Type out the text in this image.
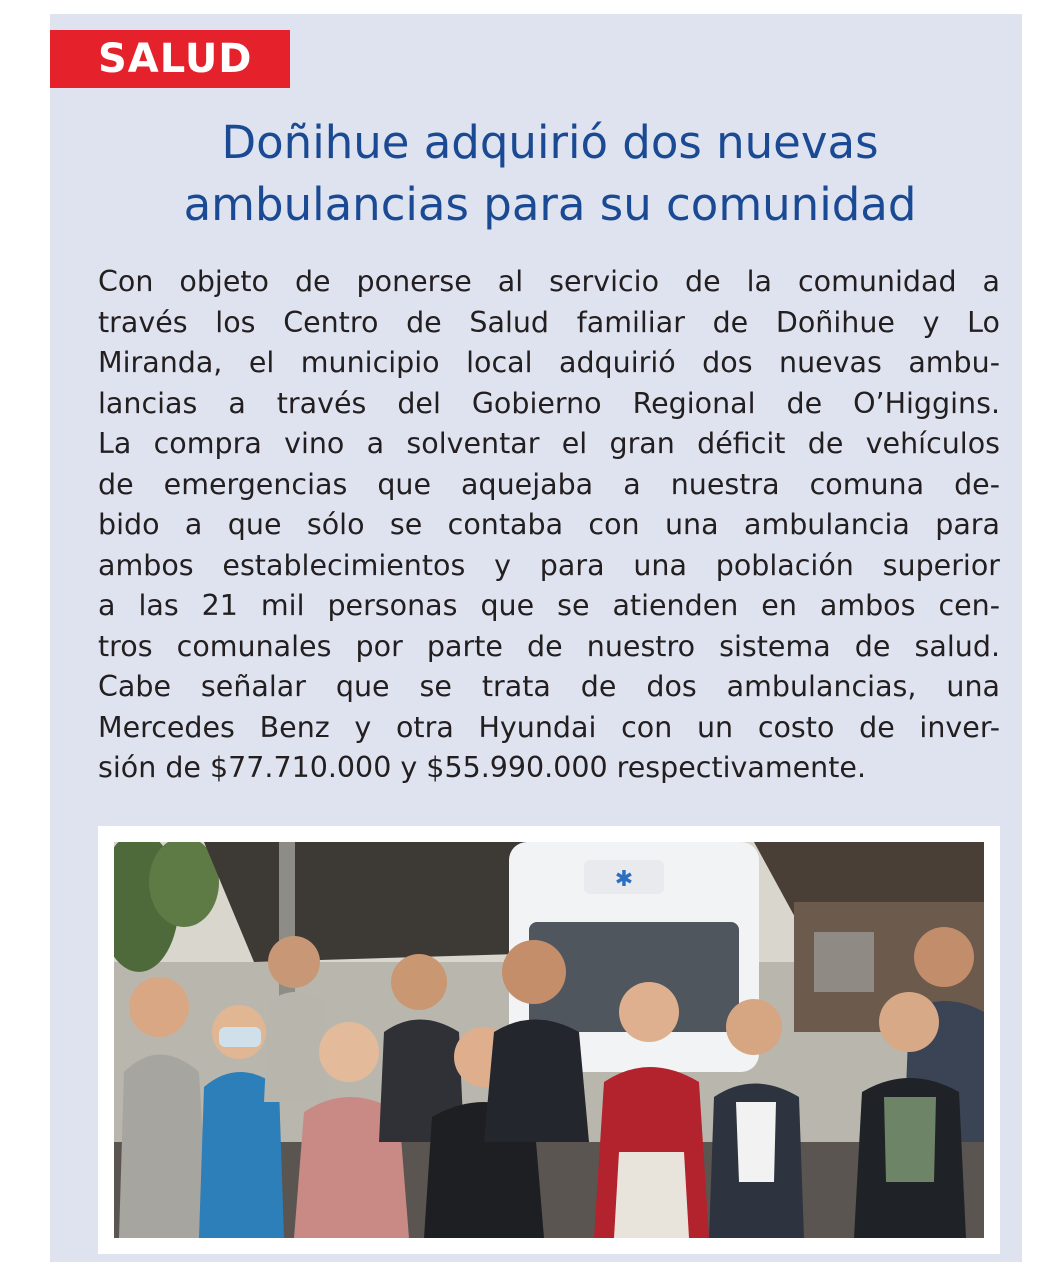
SALUD
Doñihue adquirió dos nuevas
ambulancias para su comunidad
Con objeto de ponerse al servicio de la comunidad a
través los Centro de Salud familiar de Doñihue y Lo
Miranda, el municipio local adquirió dos nuevas ambu-
lancias a través del Gobierno Regional de O’Higgins.
La compra vino a solventar el gran déficit de vehículos
de emergencias que aquejaba a nuestra comuna de-
bido a que sólo se contaba con una ambulancia para
ambos establecimientos y para una población superior
a las 21 mil personas que se atienden en ambos cen-
tros comunales por parte de nuestro sistema de salud.
Cabe señalar que se trata de dos ambulancias, una
Mercedes Benz y otra Hyundai con un costo de inver-
sión de $77.710.000 y $55.990.000 respectivamente.
✱
